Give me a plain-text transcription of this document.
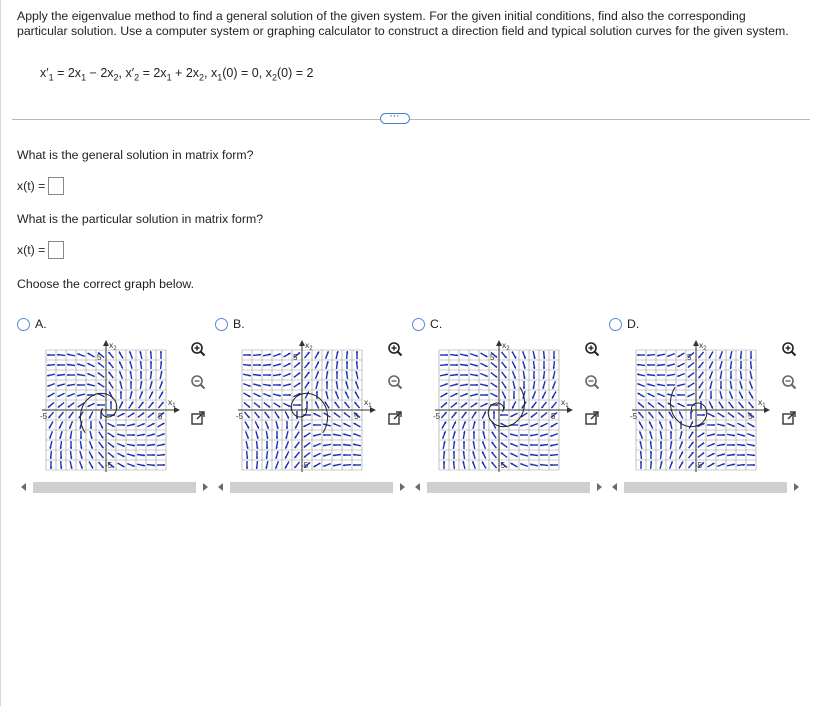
Apply the eigenvalue method to find a general solution of the given system. For the given initial conditions, find also the corresponding particular solution. Use a computer system or graphing calculator to construct a direction field and typical solution curves for the given system.
$x'_1 = 2x_1 - 2x_2$, $x'_2 = 2x_1 + 2x_2$, $x_1(0) = 0$, $x_2(0) = 2$
⋯
What is the general solution in matrix form?
x(t) =
What is the particular solution in matrix form?
x(t) =
Choose the correct graph below.
A.	B.	C.	D.
$x_2$
$x_1$
5
-5
5
-5
$x_2$
$x_1$
5
-5
5
-5
$x_2$
$x_1$
5
-5
5
-5
$x_2$
$x_1$
5
-5
5
-5
